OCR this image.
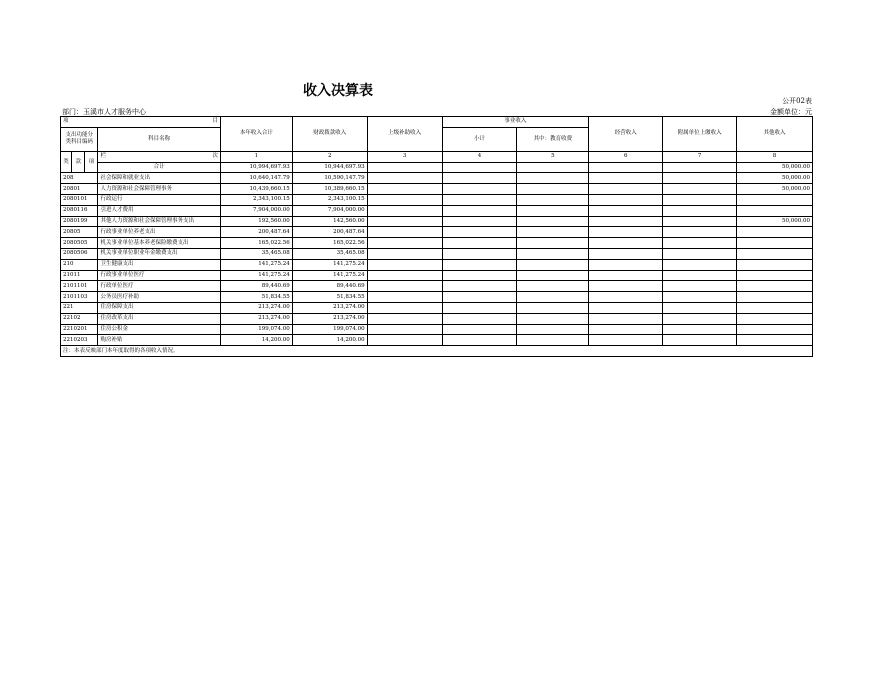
收入决算表
公开02表
部门：玉溪市人才服务中心	金额单位：元
项 目				本年收入合计	财政拨款收入	上级补助收入	事业收入		经营收入	附属单位上缴收入	其他收入
支出功能分类科目编码			科目名称				小计	其中：教育收费			

类	款	项	栏 次	1	2	3	4	5	6	7	8
			合计	10,994,697.93	10,944,697.93						50,000.00
208			社会保障和就业支出	10,640,147.79	10,590,147.79						50,000.00
20801			人力资源和社会保障管理事务	10,439,660.15	10,389,660.15						50,000.00
2080101			行政运行	2,343,100.15	2,343,100.15						
2080116			引进人才费用	7,904,000.00	7,904,000.00						
2080199			其他人力资源和社会保障管理事务支出	192,560.00	142,560.00						50,000.00
20805			行政事业单位养老支出	200,487.64	200,487.64						
2080505			机关事业单位基本养老保险缴费支出	165,022.56	165,022.56						
2080506			机关事业单位职业年金缴费支出	35,465.08	35,465.08						
210			卫生健康支出	141,275.24	141,275.24						
21011			行政事业单位医疗	141,275.24	141,275.24						
2101101			行政单位医疗	89,440.69	89,440.69						
2101103			公务员医疗补助	51,834.55	51,834.55						
221			住房保障支出	213,274.00	213,274.00						
22102			住房改革支出	213,274.00	213,274.00						
2210201			住房公积金	199,074.00	199,074.00						
2210203			购房补贴	14,200.00	14,200.00						
注：本表反映部门本年度取得的各项收入情况。											
